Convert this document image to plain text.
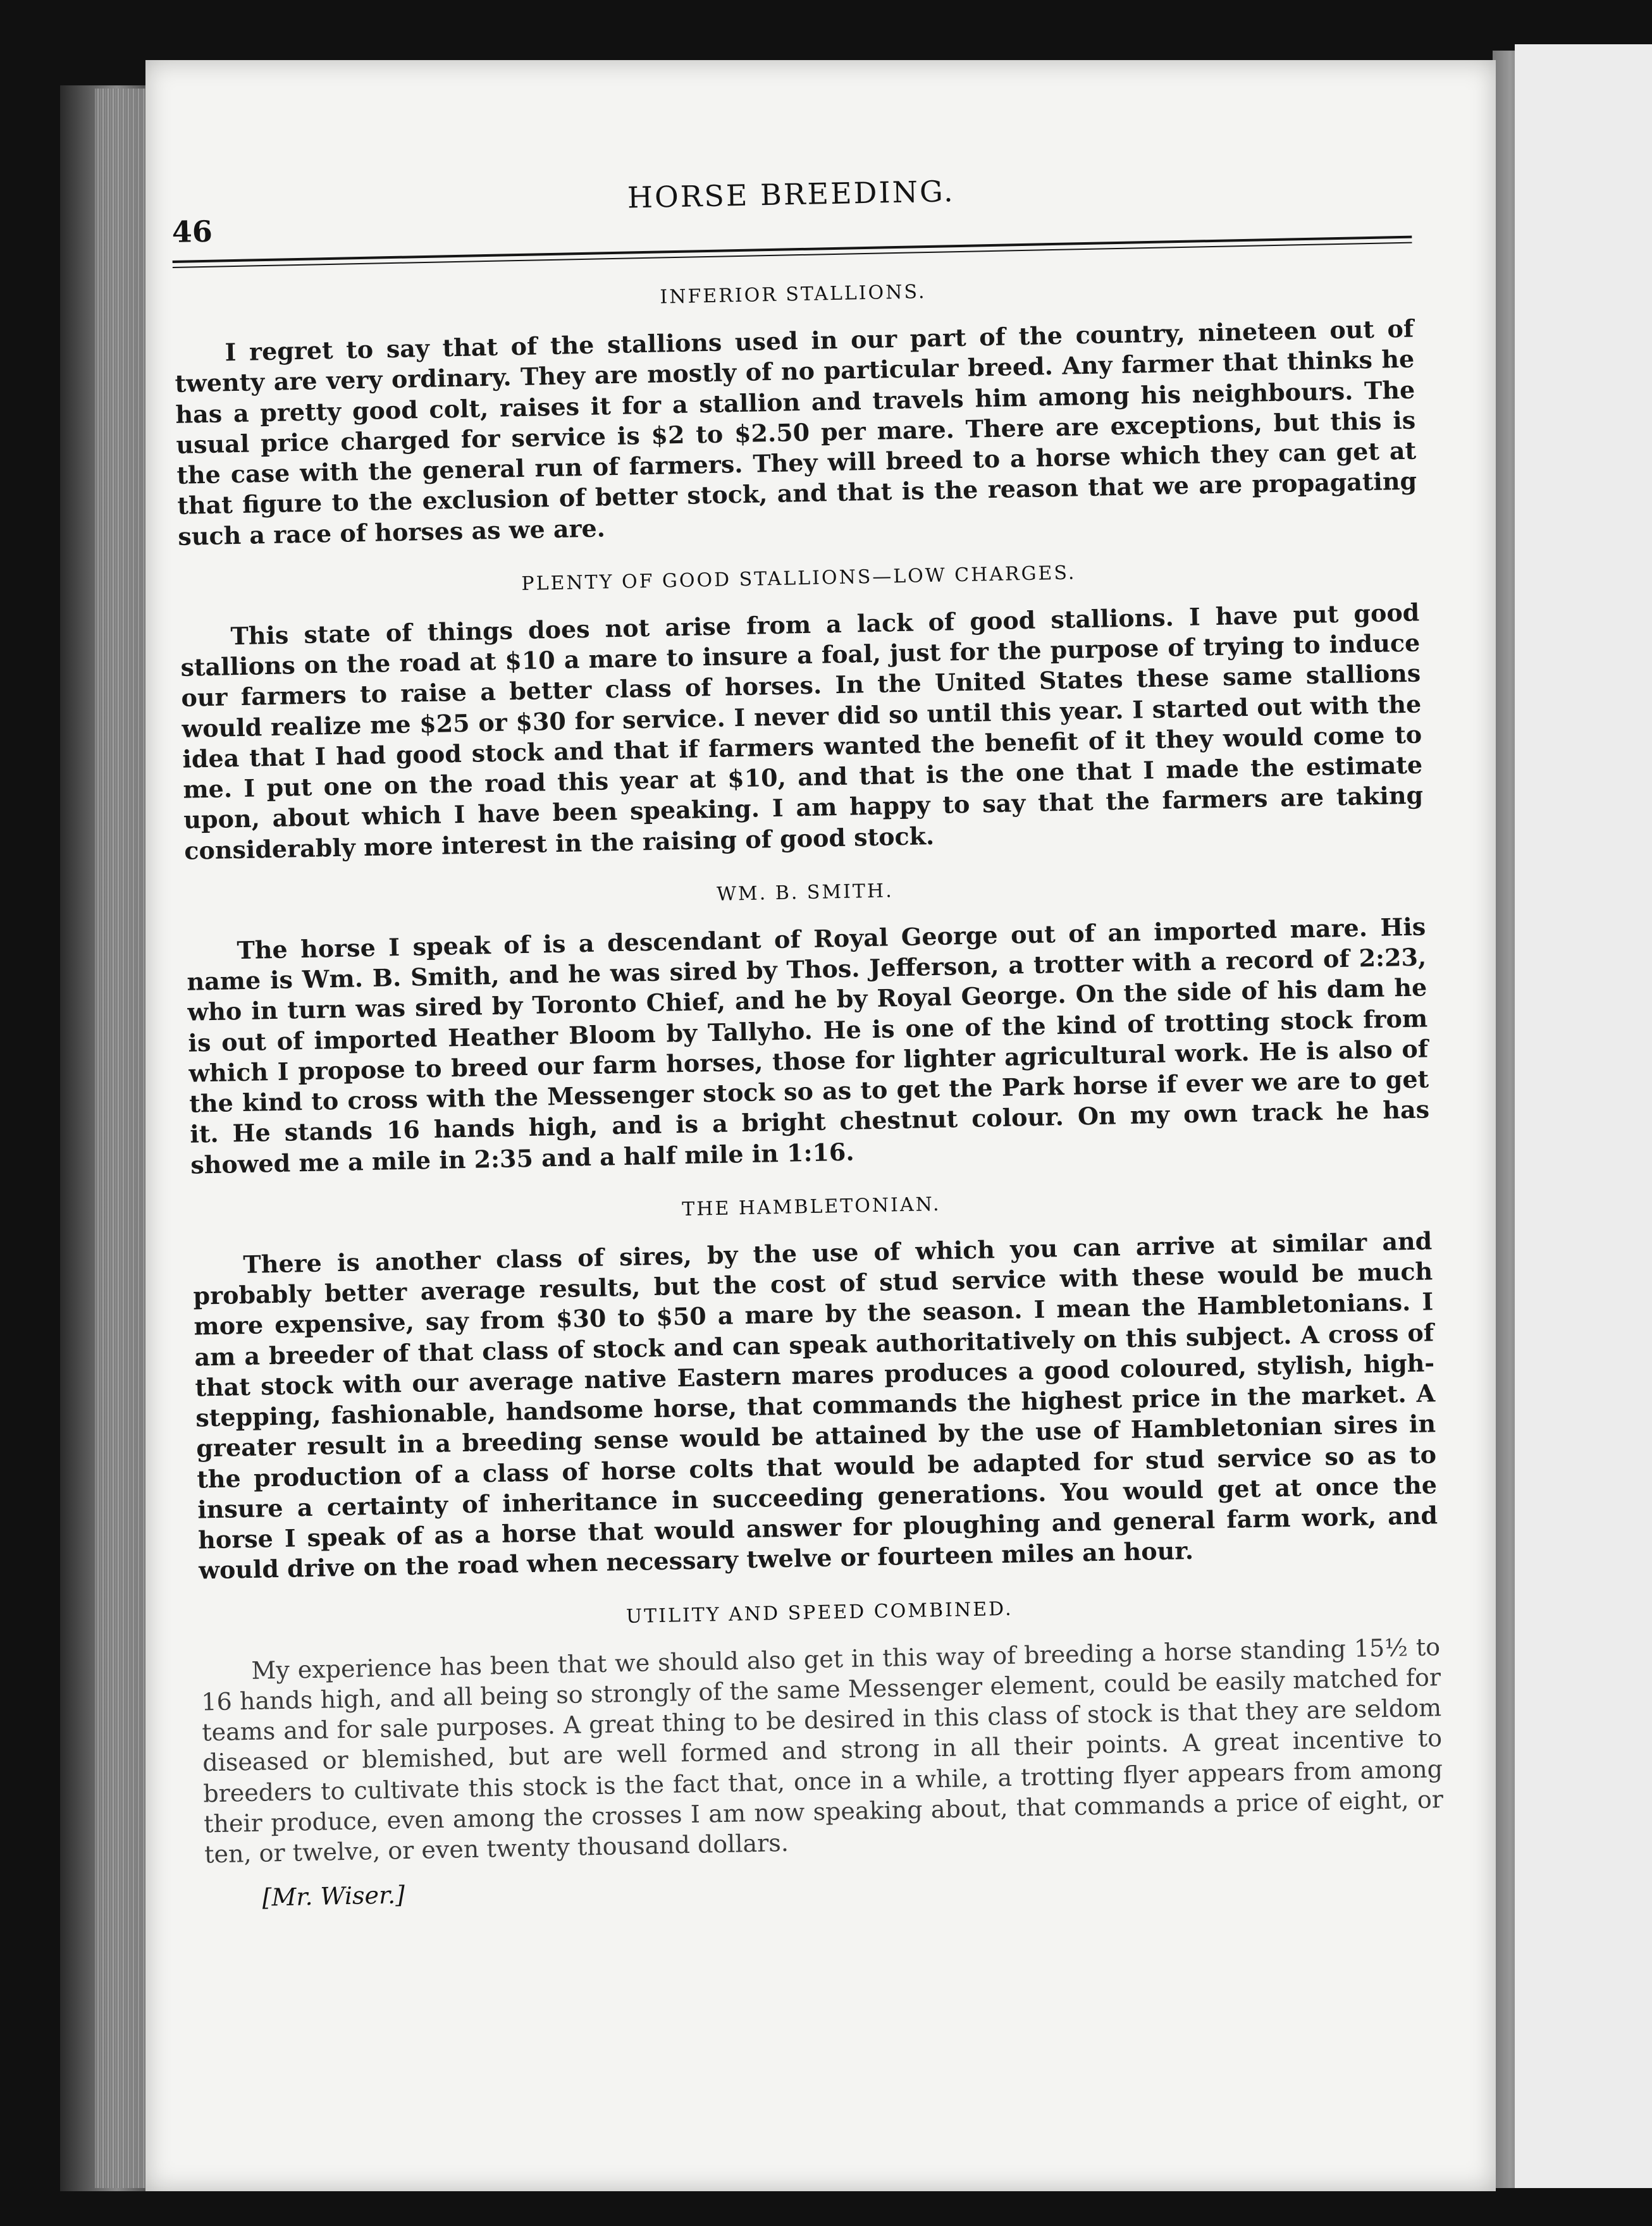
46
HORSE BREEDING.
INFERIOR STALLIONS.

I regret to say that of the stallions used in our part of the country, nineteen out of twenty are very ordinary. They are mostly of no particular breed. Any farmer that thinks he has a pretty good colt, raises it for a stallion and travels him among his neighbours. The usual price charged for service is $2 to $2.50 per mare. There are exceptions, but this is the case with the general run of farmers. They will breed to a horse which they can get at that figure to the exclusion of better stock, and that is the reason that we are propagating such a race of horses as we are.

PLENTY OF GOOD STALLIONS—LOW CHARGES.

This state of things does not arise from a lack of good stallions. I have put good stallions on the road at $10 a mare to insure a foal, just for the purpose of trying to induce our farmers to raise a better class of horses. In the United States these same stallions would realize me $25 or $30 for service. I never did so until this year. I started out with the idea that I had good stock and that if farmers wanted the benefit of it they would come to me. I put one on the road this year at $10, and that is the one that I made the estimate upon, about which I have been speaking. I am happy to say that the farmers are taking considerably more interest in the raising of good stock.

WM. B. SMITH.

The horse I speak of is a descendant of Royal George out of an imported mare. His name is Wm. B. Smith, and he was sired by Thos. Jefferson, a trotter with a record of 2:23, who in turn was sired by Toronto Chief, and he by Royal George. On the side of his dam he is out of imported Heather Bloom by Tallyho. He is one of the kind of trotting stock from which I propose to breed our farm horses, those for lighter agricultural work. He is also of the kind to cross with the Messenger stock so as to get the Park horse if ever we are to get it. He stands 16 hands high, and is a bright chestnut colour. On my own track he has showed me a mile in 2:35 and a half mile in 1:16.

THE HAMBLETONIAN.

There is another class of sires, by the use of which you can arrive at similar and probably better average results, but the cost of stud service with these would be much more expensive, say from $30 to $50 a mare by the season. I mean the Hambletonians. I am a breeder of that class of stock and can speak authoritatively on this subject. A cross of that stock with our average native Eastern mares produces a good coloured, stylish, high-stepping, fashionable, handsome horse, that commands the highest price in the market. A greater result in a breeding sense would be attained by the use of Hambletonian sires in the production of a class of horse colts that would be adapted for stud service so as to insure a certainty of inheritance in succeeding generations. You would get at once the horse I speak of as a horse that would answer for ploughing and general farm work, and would drive on the road when necessary twelve or fourteen miles an hour.

UTILITY AND SPEED COMBINED.

My experience has been that we should also get in this way of breeding a horse standing 15½ to 16 hands high, and all being so strongly of the same Messenger element, could be easily matched for teams and for sale purposes. A great thing to be desired in this class of stock is that they are seldom diseased or blemished, but are well formed and strong in all their points. A great incentive to breeders to cultivate this stock is the fact that, once in a while, a trotting flyer appears from among their produce, even among the crosses I am now speaking about, that commands a price of eight, or ten, or twelve, or even twenty thousand dollars.

[Mr. Wiser.]
